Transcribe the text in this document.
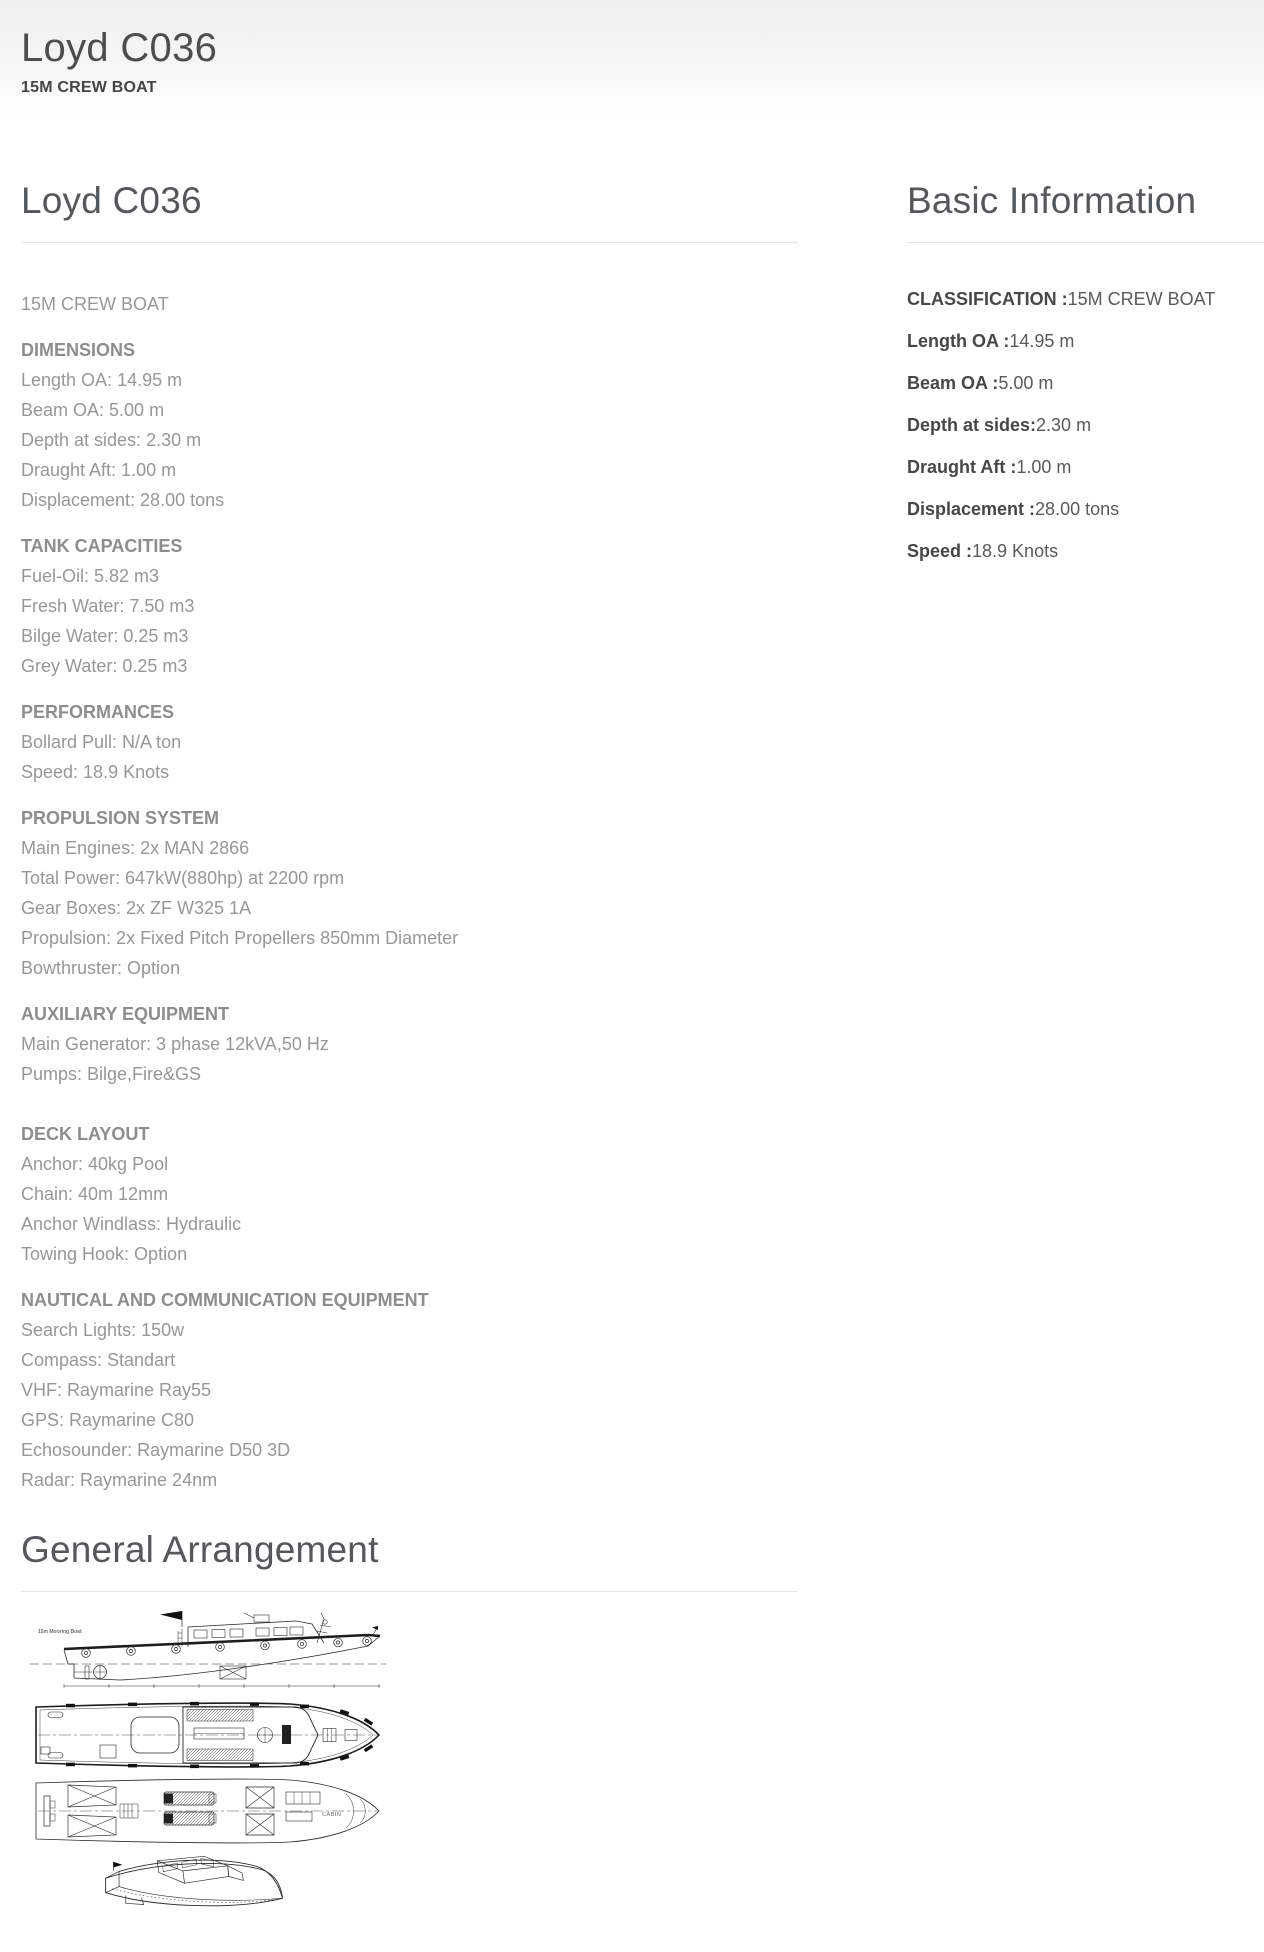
Loyd C036
15M CREW BOAT
Loyd C036
15M CREW BOAT
DIMENSIONS
Length OA: 14.95 m
Beam OA: 5.00 m
Depth at sides: 2.30 m
Draught Aft: 1.00 m
Displacement: 28.00 tons
TANK CAPACITIES
Fuel-Oil: 5.82 m3
Fresh Water: 7.50 m3
Bilge Water: 0.25 m3
Grey Water: 0.25 m3
PERFORMANCES
Bollard Pull: N/A ton
Speed: 18.9 Knots
PROPULSION SYSTEM
Main Engines: 2x MAN 2866
Total Power: 647kW(880hp) at 2200 rpm
Gear Boxes: 2x ZF W325 1A
Propulsion: 2x Fixed Pitch Propellers 850mm Diameter
Bowthruster: Option
AUXILIARY EQUIPMENT
Main Generator: 3 phase 12kVA,50 Hz
Pumps: Bilge,Fire&GS
DECK LAYOUT
Anchor: 40kg Pool
Chain: 40m 12mm
Anchor Windlass: Hydraulic
Towing Hook: Option
NAUTICAL AND COMMUNICATION EQUIPMENT
Search Lights: 150w
Compass: Standart
VHF: Raymarine Ray55
GPS: Raymarine C80
Echosounder: Raymarine D50 3D
Radar: Raymarine 24nm
General Arrangement
15m Mooring Boat
CABIN
Basic Information
CLASSIFICATION :15M CREW BOAT
Length OA :14.95 m
Beam OA :5.00 m
Depth at sides:2.30 m
Draught Aft :1.00 m
Displacement :28.00 tons
Speed :18.9 Knots
